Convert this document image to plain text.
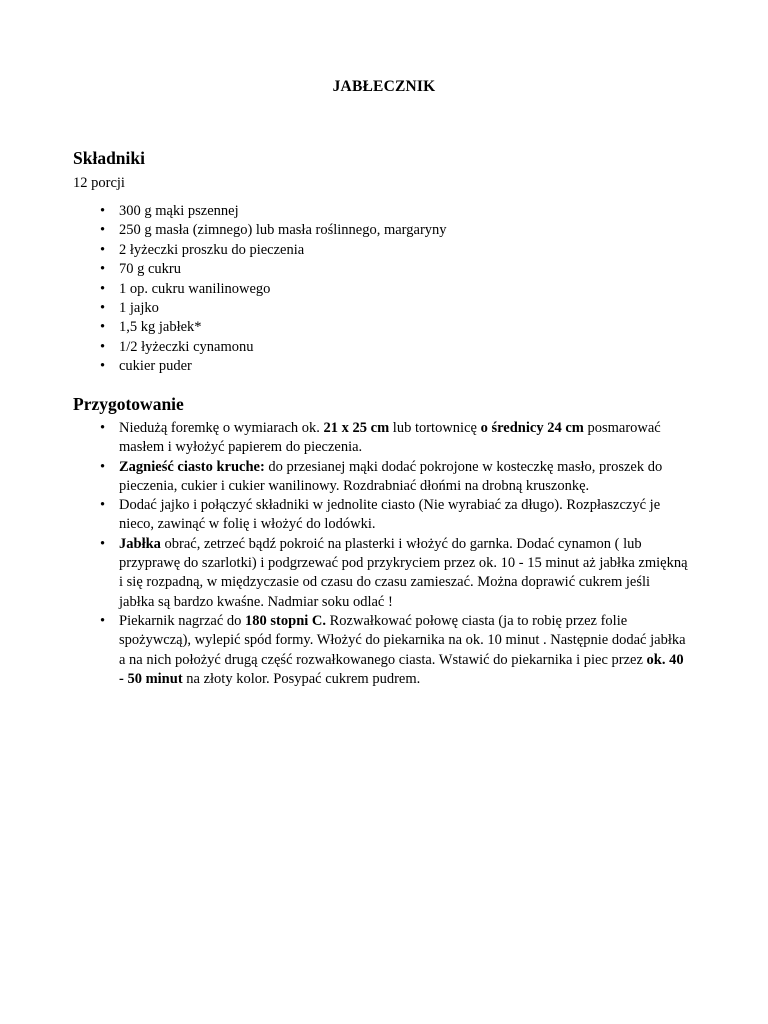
JABŁECZNIK
Składniki
12 porcji
• 300 g mąki pszennej
• 250 g masła (zimnego) lub masła roślinnego, margaryny
• 2 łyżeczki proszku do pieczenia
• 70 g cukru
• 1 op. cukru wanilinowego
• 1 jajko
• 1,5 kg jabłek*
• 1/2 łyżeczki cynamonu
• cukier puder
Przygotowanie
• Niedużą foremkę o wymiarach ok. 21 x 25 cm lub tortownicę o średnicy 24 cm posmarować masłem i wyłożyć papierem do pieczenia.
• Zagnieść ciasto kruche: do przesianej mąki dodać pokrojone w kosteczkę masło, proszek do pieczenia, cukier i cukier wanilinowy. Rozdrabniać dłońmi na drobną kruszonkę.
• Dodać jajko i połączyć składniki w jednolite ciasto (Nie wyrabiać za długo). Rozpłaszczyć je nieco, zawinąć w folię i włożyć do lodówki.
• Jabłka obrać, zetrzeć bądź pokroić na plasterki i włożyć do garnka. Dodać cynamon ( lub przyprawę do szarlotki) i podgrzewać pod przykryciem przez ok. 10 - 15 minut aż jabłka zmiękną i się rozpadną, w międzyczasie od czasu do czasu zamieszać. Można doprawić cukrem jeśli jabłka są bardzo kwaśne. Nadmiar soku odlać !
• Piekarnik nagrzać do 180 stopni C. Rozwałkować połowę ciasta (ja to robię przez folie spożywczą), wylepić spód formy. Włożyć do piekarnika na ok. 10 minut . Następnie dodać jabłka a na nich położyć drugą część rozwałkowanego ciasta. Wstawić do piekarnika i piec przez ok. 40 - 50 minut na złoty kolor. Posypać cukrem pudrem.
